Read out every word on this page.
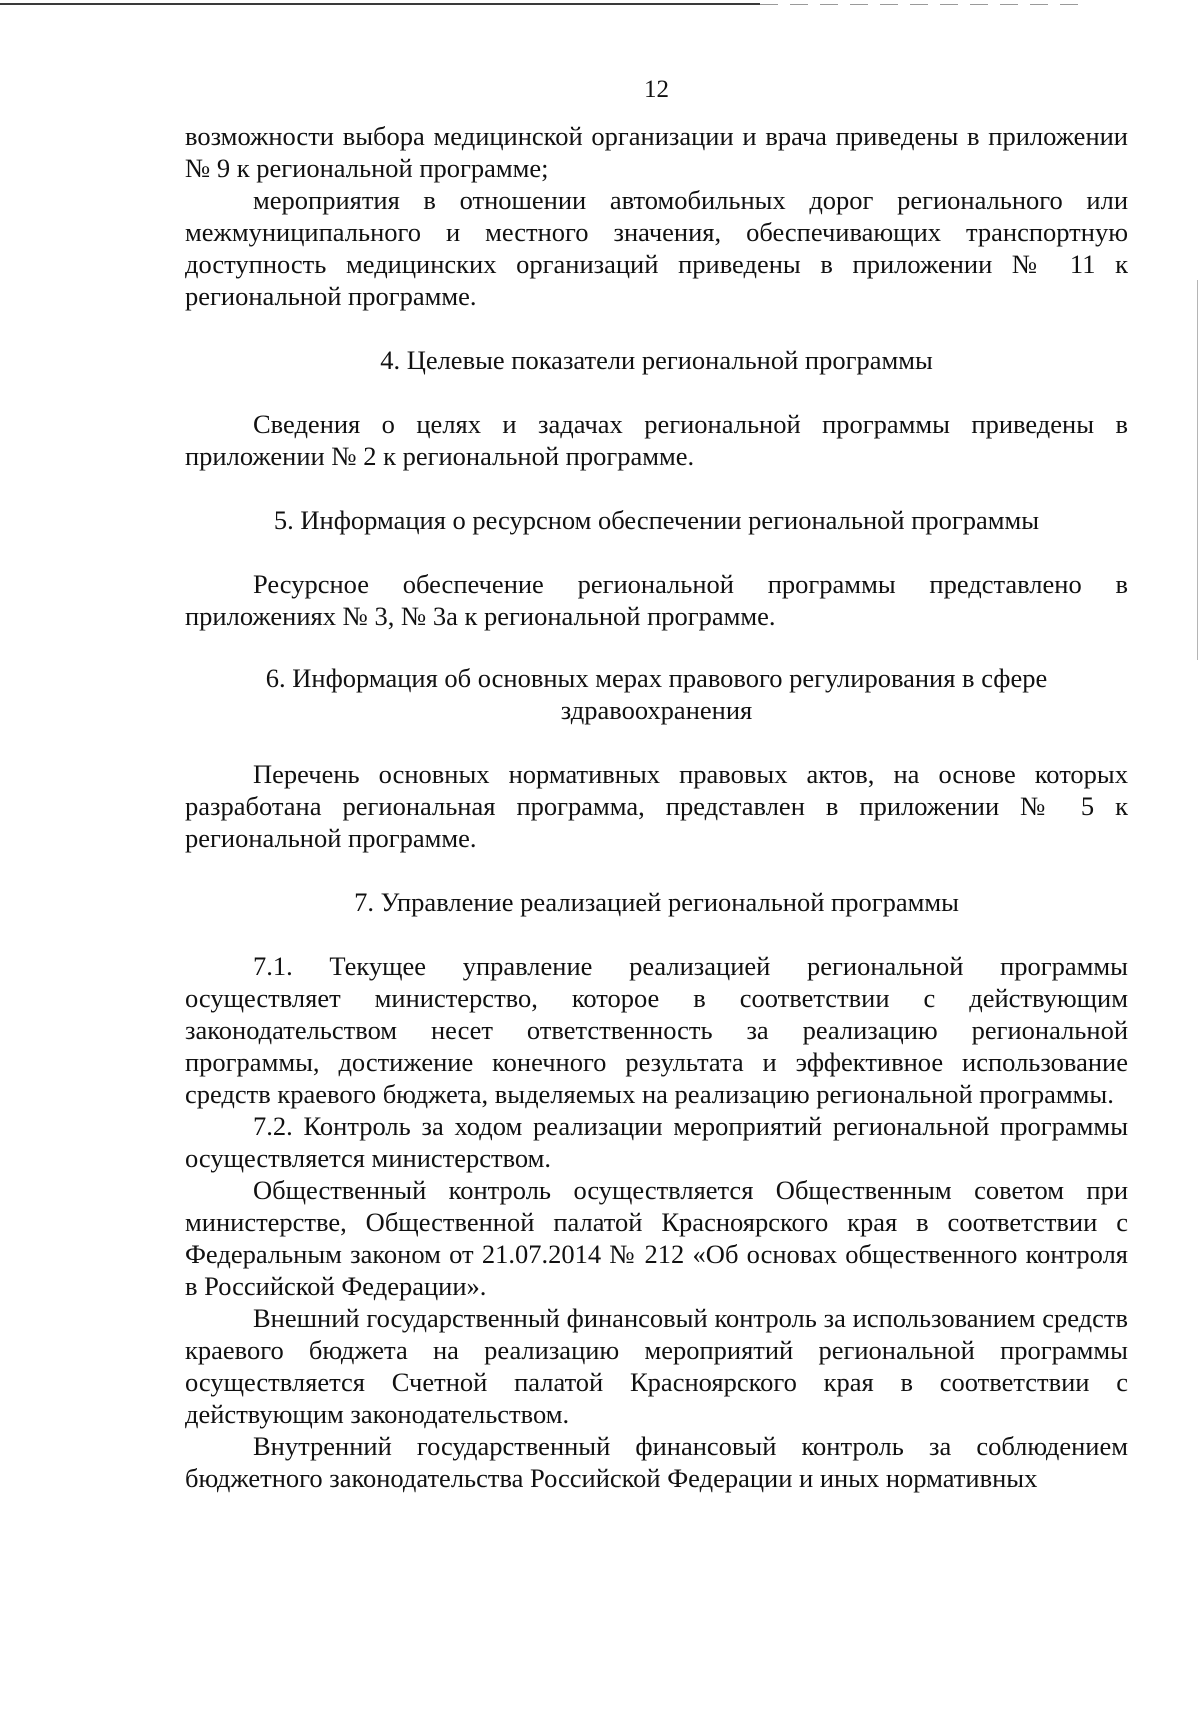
12

возможности выбора медицинской организации и врача приведены в приложении № 9 к региональной программе;

мероприятия в отношении автомобильных дорог регионального или межмуниципального и местного значения, обеспечивающих транспортную доступность медицинских организаций приведены в приложении № 11 к региональной программе.

4. Целевые показатели региональной программы

Сведения о целях и задачах региональной программы приведены в приложении № 2 к региональной программе.

5. Информация о ресурсном обеспечении региональной программы

Ресурсное обеспечение региональной программы представлено в приложениях № 3, № 3а к региональной программе.

6. Информация об основных мерах правового регулирования в сфере
здравоохранения

Перечень основных нормативных правовых актов, на основе которых разработана региональная программа, представлен в приложении № 5 к региональной программе.

7. Управление реализацией региональной программы

7.1. Текущее управление реализацией региональной программы осуществляет министерство, которое в соответствии с действующим законодательством несет ответственность за реализацию региональной программы, достижение конечного результата и эффективное использование средств краевого бюджета, выделяемых на реализацию региональной программы.

7.2. Контроль за ходом реализации мероприятий региональной программы осуществляется министерством.

Общественный контроль осуществляется Общественным советом при министерстве, Общественной палатой Красноярского края в соответствии с Федеральным законом от 21.07.2014 № 212 «Об основах общественного контроля в Российской Федерации».

Внешний государственный финансовый контроль за использованием средств краевого бюджета на реализацию мероприятий региональной программы осуществляется Счетной палатой Красноярского края в соответствии с действующим законодательством.

Внутренний государственный финансовый контроль за соблюдением бюджетного законодательства Российской Федерации и иных нормативных
